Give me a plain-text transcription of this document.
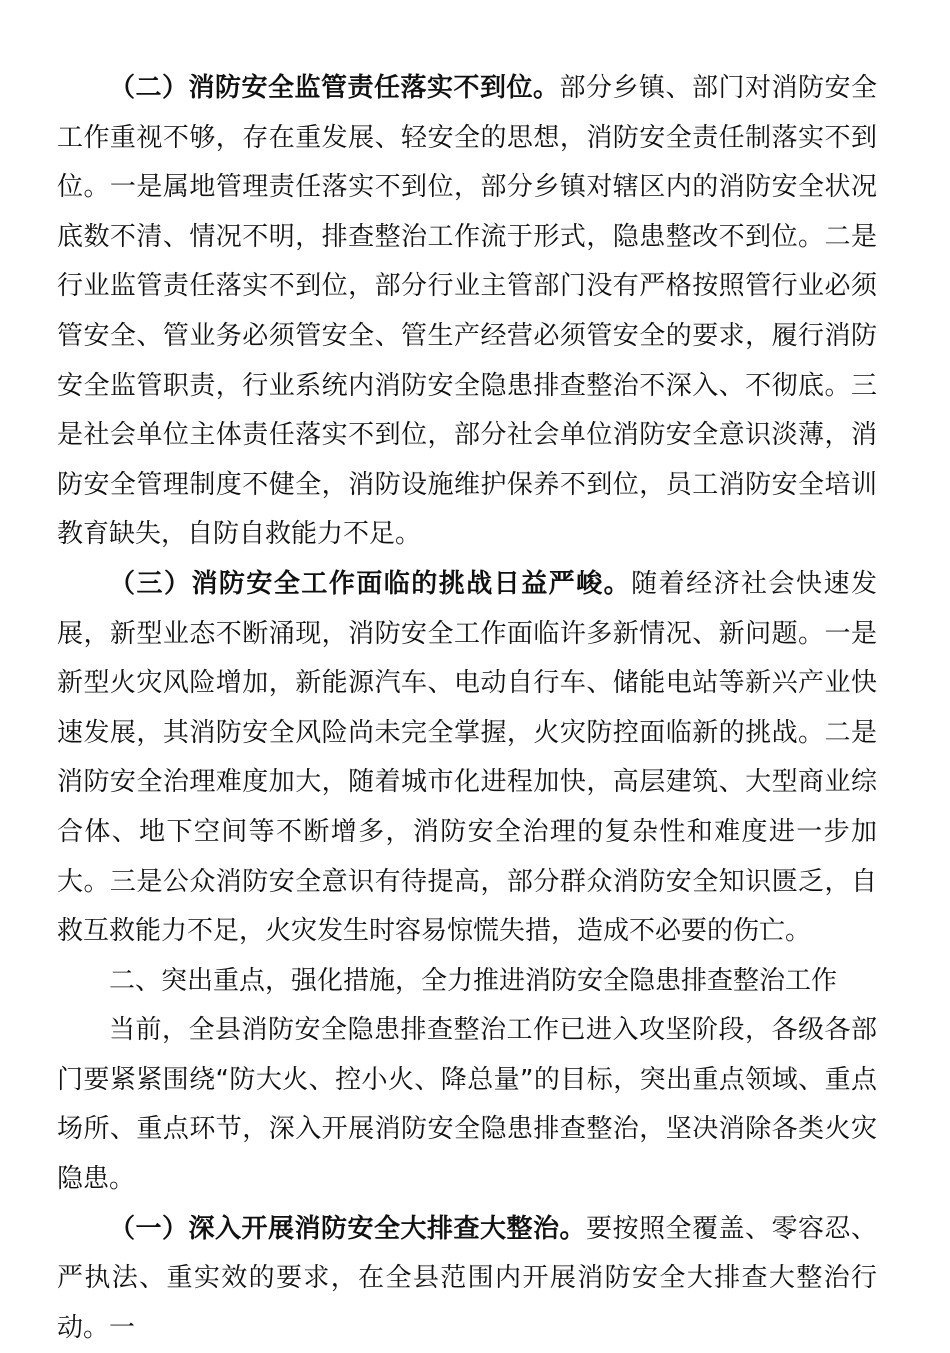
（二）消防安全监管责任落实不到位。部分乡镇、部门对消防安全工作重视不够，存在重发展、轻安全的思想，消防安全责任制落实不到位。一是属地管理责任落实不到位，部分乡镇对辖区内的消防安全状况底数不清、情况不明，排查整治工作流于形式，隐患整改不到位。二是行业监管责任落实不到位，部分行业主管部门没有严格按照管行业必须管安全、管业务必须管安全、管生产经营必须管安全的要求，履行消防安全监管职责，行业系统内消防安全隐患排查整治不深入、不彻底。三是社会单位主体责任落实不到位，部分社会单位消防安全意识淡薄，消防安全管理制度不健全，消防设施维护保养不到位，员工消防安全培训教育缺失，自防自救能力不足。

（三）消防安全工作面临的挑战日益严峻。随着经济社会快速发展，新型业态不断涌现，消防安全工作面临许多新情况、新问题。一是新型火灾风险增加，新能源汽车、电动自行车、储能电站等新兴产业快速发展，其消防安全风险尚未完全掌握，火灾防控面临新的挑战。二是消防安全治理难度加大，随着城市化进程加快，高层建筑、大型商业综合体、地下空间等不断增多，消防安全治理的复杂性和难度进一步加大。三是公众消防安全意识有待提高，部分群众消防安全知识匮乏，自救互救能力不足，火灾发生时容易惊慌失措，造成不必要的伤亡。

二、突出重点，强化措施，全力推进消防安全隐患排查整治工作

当前，全县消防安全隐患排查整治工作已进入攻坚阶段，各级各部门要紧紧围绕“防大火、控小火、降总量”的目标，突出重点领域、重点场所、重点环节，深入开展消防安全隐患排查整治，坚决消除各类火灾隐患。

（一）深入开展消防安全大排查大整治。要按照全覆盖、零容忍、严执法、重实效的要求，在全县范围内开展消防安全大排查大整治行动。一
